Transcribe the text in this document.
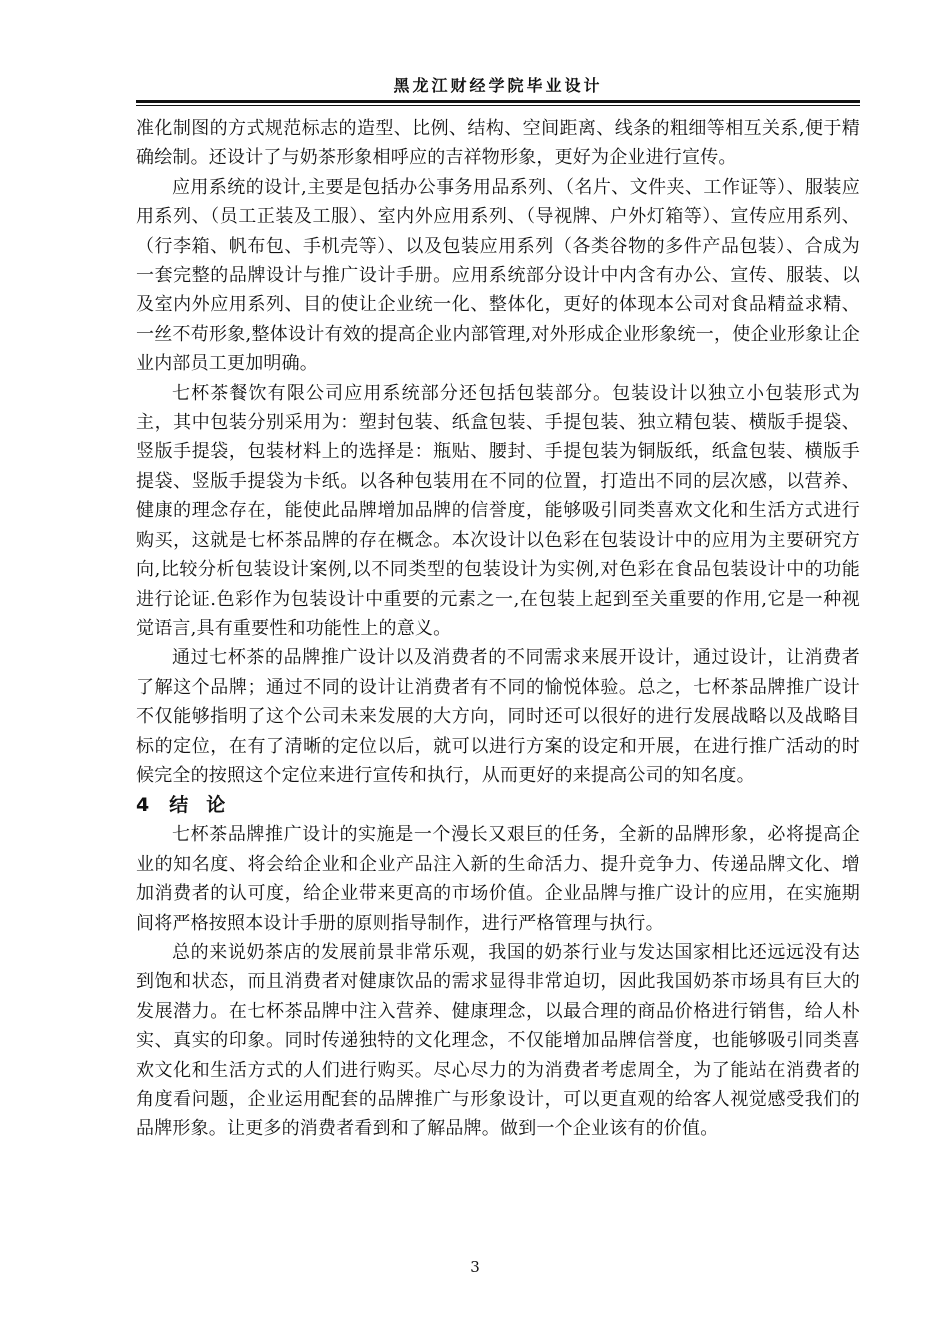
黑龙江财经学院毕业设计

准化制图的方式规范标志的造型、比例、结构、空间距离、线条的粗细等相互关系,便于精确绘制。还设计了与奶茶形象相呼应的吉祥物形象，更好为企业进行宣传。

应用系统的设计,主要是包括办公事务用品系列、（名片、文件夹、工作证等）、服装应用系列、（员工正装及工服）、室内外应用系列、（导视牌、户外灯箱等）、宣传应用系列、（行李箱、帆布包、手机壳等）、以及包装应用系列（各类谷物的多件产品包装）、合成为一套完整的品牌设计与推广设计手册。应用系统部分设计中内含有办公、宣传、服装、以及室内外应用系列、目的使让企业统一化、整体化，更好的体现本公司对食品精益求精、一丝不苟形象,整体设计有效的提高企业内部管理,对外形成企业形象统一，使企业形象让企业内部员工更加明确。

七杯茶餐饮有限公司应用系统部分还包括包装部分。包装设计以独立小包装形式为主，其中包装分别采用为：塑封包装、纸盒包装、手提包装、独立精包装、横版手提袋、竖版手提袋，包装材料上的选择是：瓶贴、腰封、手提包装为铜版纸，纸盒包装、横版手提袋、竖版手提袋为卡纸。以各种包装用在不同的位置，打造出不同的层次感，以营养、健康的理念存在，能使此品牌增加品牌的信誉度，能够吸引同类喜欢文化和生活方式进行购买，这就是七杯茶品牌的存在概念。本次设计以色彩在包装设计中的应用为主要研究方向,比较分析包装设计案例,以不同类型的包装设计为实例,对色彩在食品包装设计中的功能进行论证.色彩作为包装设计中重要的元素之一,在包装上起到至关重要的作用,它是一种视觉语言,具有重要性和功能性上的意义。

通过七杯茶的品牌推广设计以及消费者的不同需求来展开设计，通过设计，让消费者了解这个品牌；通过不同的设计让消费者有不同的愉悦体验。总之，七杯茶品牌推广设计不仅能够指明了这个公司未来发展的大方向，同时还可以很好的进行发展战略以及战略目标的定位，在有了清晰的定位以后，就可以进行方案的设定和开展，在进行推广活动的时候完全的按照这个定位来进行宣传和执行，从而更好的来提高公司的知名度。

4 结论

七杯茶品牌推广设计的实施是一个漫长又艰巨的任务，全新的品牌形象，必将提高企业的知名度、将会给企业和企业产品注入新的生命活力、提升竞争力、传递品牌文化、增加消费者的认可度，给企业带来更高的市场价值。企业品牌与推广设计的应用，在实施期间将严格按照本设计手册的原则指导制作，进行严格管理与执行。

总的来说奶茶店的发展前景非常乐观，我国的奶茶行业与发达国家相比还远远没有达到饱和状态，而且消费者对健康饮品的需求显得非常迫切，因此我国奶茶市场具有巨大的发展潜力。在七杯茶品牌中注入营养、健康理念，以最合理的商品价格进行销售，给人朴实、真实的印象。同时传递独特的文化理念，不仅能增加品牌信誉度，也能够吸引同类喜欢文化和生活方式的人们进行购买。尽心尽力的为消费者考虑周全，为了能站在消费者的角度看问题，企业运用配套的品牌推广与形象设计，可以更直观的给客人视觉感受我们的品牌形象。让更多的消费者看到和了解品牌。做到一个企业该有的价值。

3
